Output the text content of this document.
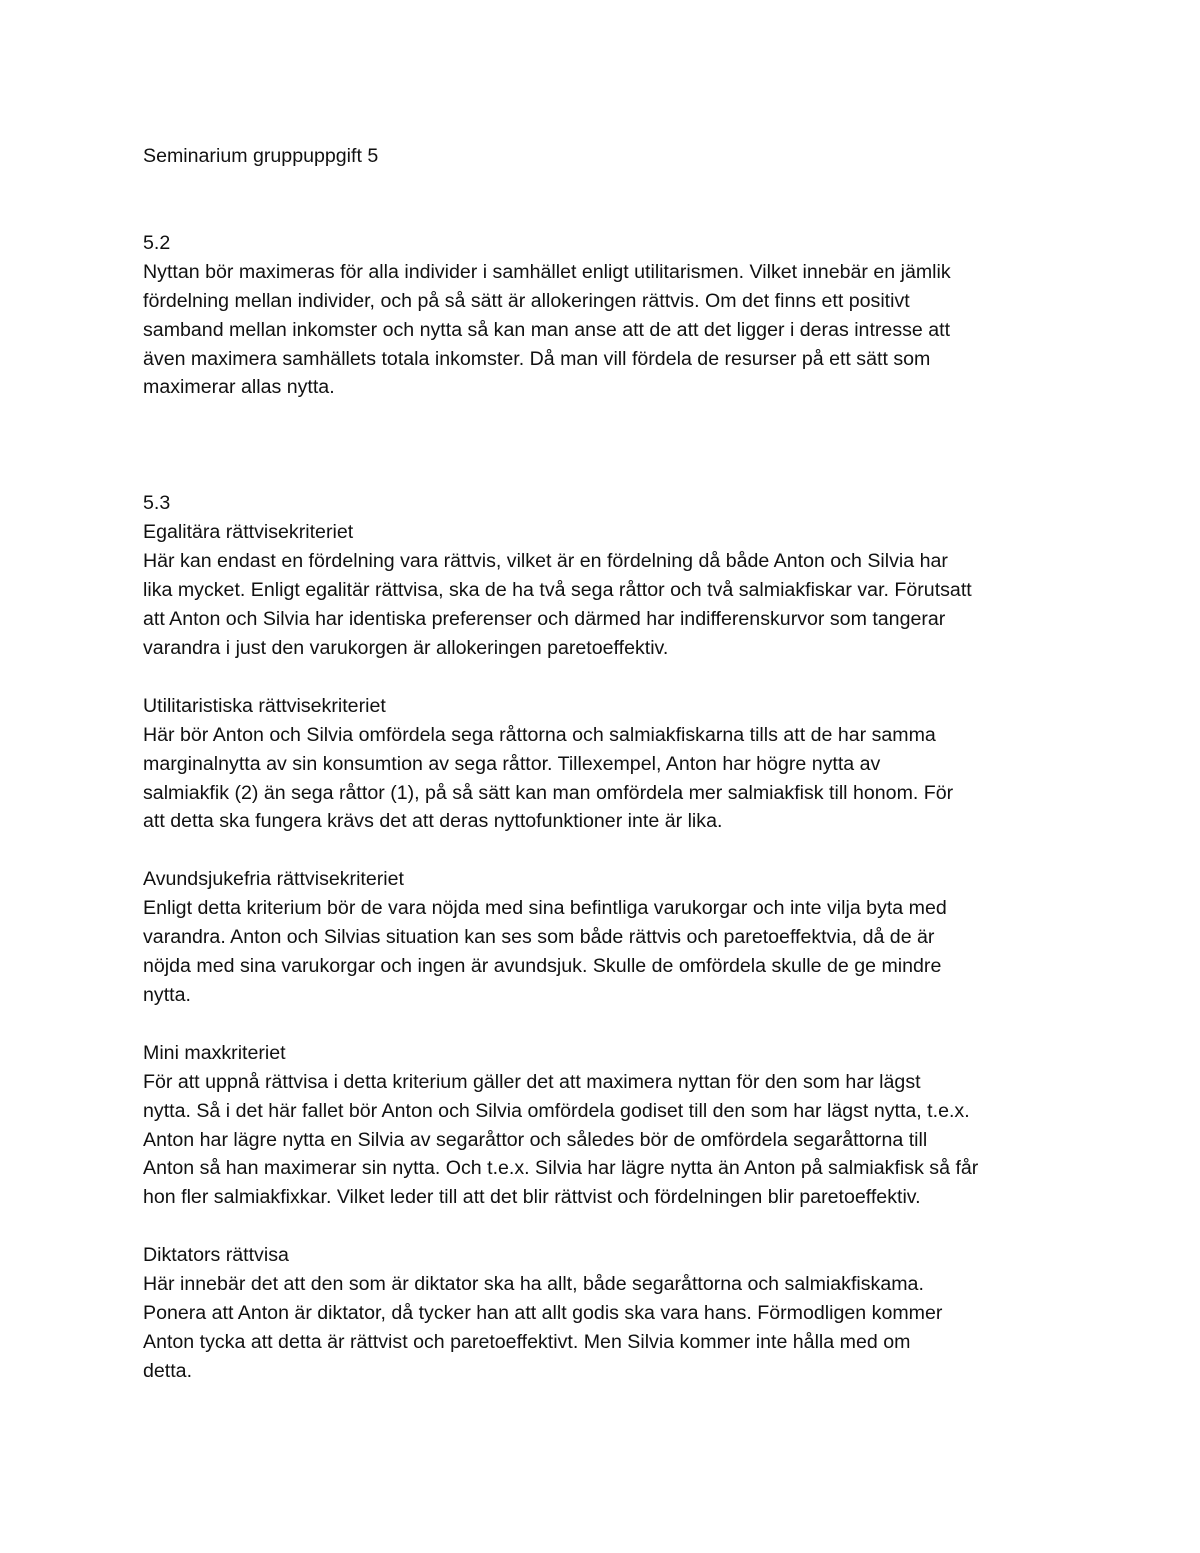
Seminarium gruppuppgift 5

5.2
Nyttan bör maximeras för alla individer i samhället enligt utilitarismen. Vilket innebär en jämlik
fördelning mellan individer, och på så sätt är allokeringen rättvis. Om det finns ett positivt
samband mellan inkomster och nytta så kan man anse att de att det ligger i deras intresse att
även maximera samhällets totala inkomster. Då man vill fördela de resurser på ett sätt som
maximerar allas nytta.
5.3
Egalitära rättvisekriteriet
Här kan endast en fördelning vara rättvis, vilket är en fördelning då både Anton och Silvia har
lika mycket. Enligt egalitär rättvisa, ska de ha två sega råttor och två salmiakfiskar var. Förutsatt
att Anton och Silvia har identiska preferenser och därmed har indifferenskurvor som tangerar
varandra i just den varukorgen är allokeringen paretoeffektiv.
Utilitaristiska rättvisekriteriet
Här bör Anton och Silvia omfördela sega råttorna och salmiakfiskarna tills att de har samma
marginalnytta av sin konsumtion av sega råttor. Tillexempel, Anton har högre nytta av
salmiakfik (2) än sega råttor (1), på så sätt kan man omfördela mer salmiakfisk till honom. För
att detta ska fungera krävs det att deras nyttofunktioner inte är lika.
Avundsjukefria rättvisekriteriet
Enligt detta kriterium bör de vara nöjda med sina befintliga varukorgar och inte vilja byta med
varandra. Anton och Silvias situation kan ses som både rättvis och paretoeffektvia, då de är
nöjda med sina varukorgar och ingen är avundsjuk. Skulle de omfördela skulle de ge mindre
nytta.
Mini maxkriteriet
För att uppnå rättvisa i detta kriterium gäller det att maximera nyttan för den som har lägst
nytta. Så i det här fallet bör Anton och Silvia omfördela godiset till den som har lägst nytta, t.e.x.
Anton har lägre nytta en Silvia av segaråttor och således bör de omfördela segaråttorna till
Anton så han maximerar sin nytta. Och t.e.x. Silvia har lägre nytta än Anton på salmiakfisk så får
hon fler salmiakfixkar. Vilket leder till att det blir rättvist och fördelningen blir paretoeffektiv.
Diktators rättvisa
Här innebär det att den som är diktator ska ha allt, både segaråttorna och salmiakfiskama.
Ponera att Anton är diktator, då tycker han att allt godis ska vara hans. Förmodligen kommer
Anton tycka att detta är rättvist och paretoeffektivt. Men Silvia kommer inte hålla med om
detta.
